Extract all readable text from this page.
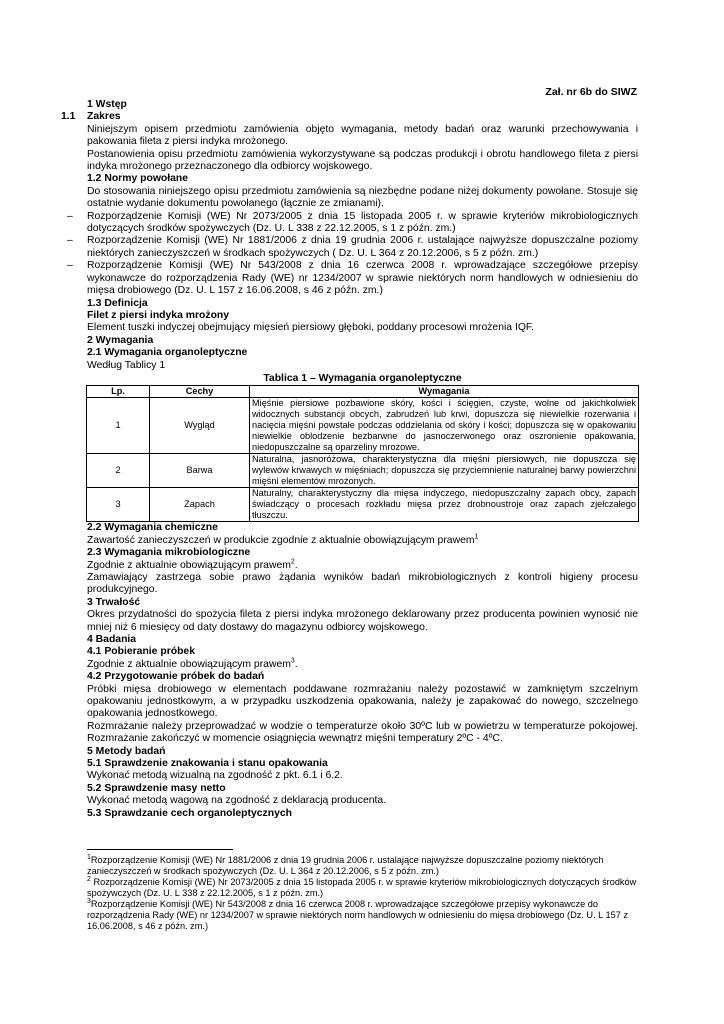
Zał. nr 6b do SIWZ
1 Wstęp
1.1 Zakres

Niniejszym opisem przedmiotu zamówienia objęto wymagania, metody badań oraz warunki przechowywania i pakowania fileta z piersi indyka mrożonego.

Postanowienia opisu przedmiotu zamówienia wykorzystywane są podczas produkcji i obrotu handlowego fileta z piersi indyka mrożonego przeznaczonego dla odbiorcy wojskowego.

1.2 Normy powołane

Do stosowania niniejszego opisu przedmiotu zamówienia są niezbędne podane niżej dokumenty powołane. Stosuje się ostatnie wydanie dokumentu powołanego (łącznie ze zmianami).

– Rozporządzenie Komisji (WE) Nr 2073/2005 z dnia 15 listopada 2005 r. w sprawie kryteriów mikrobiologicznych dotyczących środków spożywczych (Dz. U. L 338 z 22.12.2005, s 1 z późn. zm.)
– Rozporządzenie Komisji (WE) Nr 1881/2006 z dnia 19 grudnia 2006 r. ustalające najwyższe dopuszczalne poziomy niektórych zanieczyszczeń w środkach spożywczych ( Dz. U. L 364 z 20.12.2006, s 5 z późn. zm.)
– Rozporządzenie Komisji (WE) Nr 543/2008 z dnia 16 czerwca 2008 r. wprowadzające szczegółowe przepisy wykonawcze do rozporządzenia Rady (WE) nr 1234/2007 w sprawie niektórych norm handlowych w odniesieniu do mięsa drobiowego (Dz. U. L 157 z 16.06.2008, s 46 z późn. zm.)
1.3 Definicja
Filet z piersi indyka mrożony

Element tuszki indyczej obejmujący mięsień piersiowy głęboki, poddany procesowi mrożenia IQF.

2 Wymagania
2.1 Wymagania organoleptyczne

Według Tablicy 1

Tablica 1 – Wymagania organoleptyczne
Lp.	Cechy	Wymagania
1	Wygląd	Mięśnie piersiowe pozbawione skóry, kości i ścięgien, czyste, wolne od jakichkolwiek widocznych substancji obcych, zabrudzeń lub krwi, dopuszcza się niewielkie rozerwania i nacięcia mięśni powstałe podczas oddzielania od skóry i kości; dopuszcza się w opakowaniu niewielkie oblodzenie bezbarwne do jasnoczerwonego oraz oszronienie opakowania, niedopuszczalne są oparzeliny mrozowe.
2	Barwa	Naturalna, jasnoróżowa, charakterystyczna dla mięśni piersiowych, nie dopuszcza się wylewów krwawych w mięśniach; dopuszcza się przyciemnienie naturalnej barwy powierzchni mięśni elementów mrożonych.
3	Zapach	Naturalny, charakterystyczny dla mięsa indyczego, niedopuszczalny zapach obcy, zapach świadczący o procesach rozkładu mięsa przez drobnoustroje oraz zapach zjełczałego tłuszczu.
2.2 Wymagania chemiczne

Zawartość zanieczyszczeń w produkcie zgodnie z aktualnie obowiązującym prawem$^1$

2.3 Wymagania mikrobiologiczne

Zgodnie z aktualnie obowiązującym prawem$^2$.

Zamawiający zastrzega sobie prawo żądania wyników badań mikrobiologicznych z kontroli higieny procesu produkcyjnego.

3 Trwałość

Okres przydatności do spożycia fileta z piersi indyka mrożonego deklarowany przez producenta powinien wynosić nie mniej niż 6 miesięcy od daty dostawy do magazynu odbiorcy wojskowego.

4 Badania
4.1 Pobieranie próbek

Zgodnie z aktualnie obowiązującym prawem$^3$.

4.2 Przygotowanie próbek do badań

Próbki mięsa drobiowego w elementach poddawane rozmrażaniu należy pozostawić w zamkniętym szczelnym opakowaniu jednostkowym, a w przypadku uszkodzenia opakowania, należy je zapakować do nowego, szczelnego opakowania jednostkowego.

Rozmrażanie należy przeprowadzać w wodzie o temperaturze około 30ºC lub w powietrzu w temperaturze pokojowej. Rozmrażanie zakończyć w momencie osiągnięcia wewnątrz mięśni temperatury 2ºC - 4ºC.

5 Metody badań
5.1 Sprawdzenie znakowania i stanu opakowania

Wykonać metodą wizualną na zgodność z pkt. 6.1 i 6.2.

5.2 Sprawdzenie masy netto

Wykonać metodą wagową na zgodność z deklaracją producenta.

5.3 Sprawdzanie cech organoleptycznych

$^1$Rozporządzenie Komisji (WE) Nr 1881/2006 z dnia 19 grudnia 2006 r. ustalające najwyższe dopuszczalne poziomy niektórych zanieczyszczeń w środkach spożywczych (Dz. U. L 364 z 20.12.2006, s 5 z późn. zm.)

$^2$ Rozporządzenie Komisji (WE) Nr 2073/2005 z dnia 15 listopada 2005 r. w sprawie kryteriów mikrobiologicznych dotyczących środków spożywczych (Dz. U. L 338 z 22.12.2005, s 1 z późn. zm.)

$^3$Rozporządzenie Komisji (WE) Nr 543/2008 z dnia 16 czerwca 2008 r. wprowadzające szczegółowe przepisy wykonawcze do rozporządzenia Rady (WE) nr 1234/2007 w sprawie niektórych norm handlowych w odniesieniu do mięsa drobiowego (Dz. U. L 157 z 16.06.2008, s 46 z późn. zm.)
